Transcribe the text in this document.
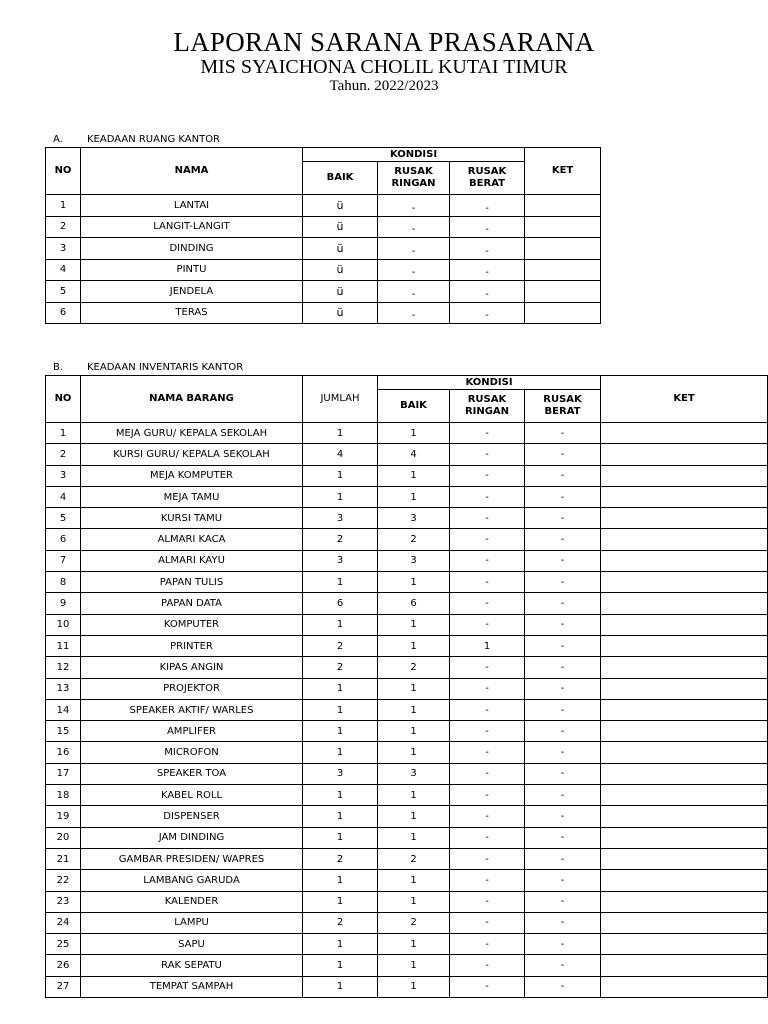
LAPORAN SARANA PRASARANA
MIS SYAICHONA CHOLIL KUTAI TIMUR
Tahun. 2022/2023
A. KEADAAN RUANG KANTOR
NO	NAMA	KONDISI			KET
		BAIK	RUSAK RINGAN	RUSAK BERAT	
1	LANTAI	ü	-	-	
2	LANGIT-LANGIT	ü	-	-	
3	DINDING	ü	-	-	
4	PINTU	ü	-	-	
5	JENDELA	ü	-	-	
6	TERAS	ü	-	-	
B. KEADAAN INVENTARIS KANTOR
NO	NAMA BARANG	JUMLAH	KONDISI			KET
			BAIK	RUSAK RINGAN	RUSAK BERAT	
1	MEJA GURU/ KEPALA SEKOLAH	1	1	-	-	
2	KURSI GURU/ KEPALA SEKOLAH	4	4	-	-	
3	MEJA KOMPUTER	1	1	-	-	
4	MEJA TAMU	1	1	-	-	
5	KURSI TAMU	3	3	-	-	
6	ALMARI KACA	2	2	-	-	
7	ALMARI KAYU	3	3	-	-	
8	PAPAN TULIS	1	1	-	-	
9	PAPAN DATA	6	6	-	-	
10	KOMPUTER	1	1	-	-	
11	PRINTER	2	1	1	-	
12	KIPAS ANGIN	2	2	-	-	
13	PROJEKTOR	1	1	-	-	
14	SPEAKER AKTIF/ WARLES	1	1	-	-	
15	AMPLIFER	1	1	-	-	
16	MICROFON	1	1	-	-	
17	SPEAKER TOA	3	3	-	-	
18	KABEL ROLL	1	1	-	-	
19	DISPENSER	1	1	-	-	
20	JAM DINDING	1	1	-	-	
21	GAMBAR PRESIDEN/ WAPRES	2	2	-	-	
22	LAMBANG GARUDA	1	1	-	-	
23	KALENDER	1	1	-	-	
24	LAMPU	2	2	-	-	
25	SAPU	1	1	-	-	
26	RAK SEPATU	1	1	-	-	
27	TEMPAT SAMPAH	1	1	-	-	
